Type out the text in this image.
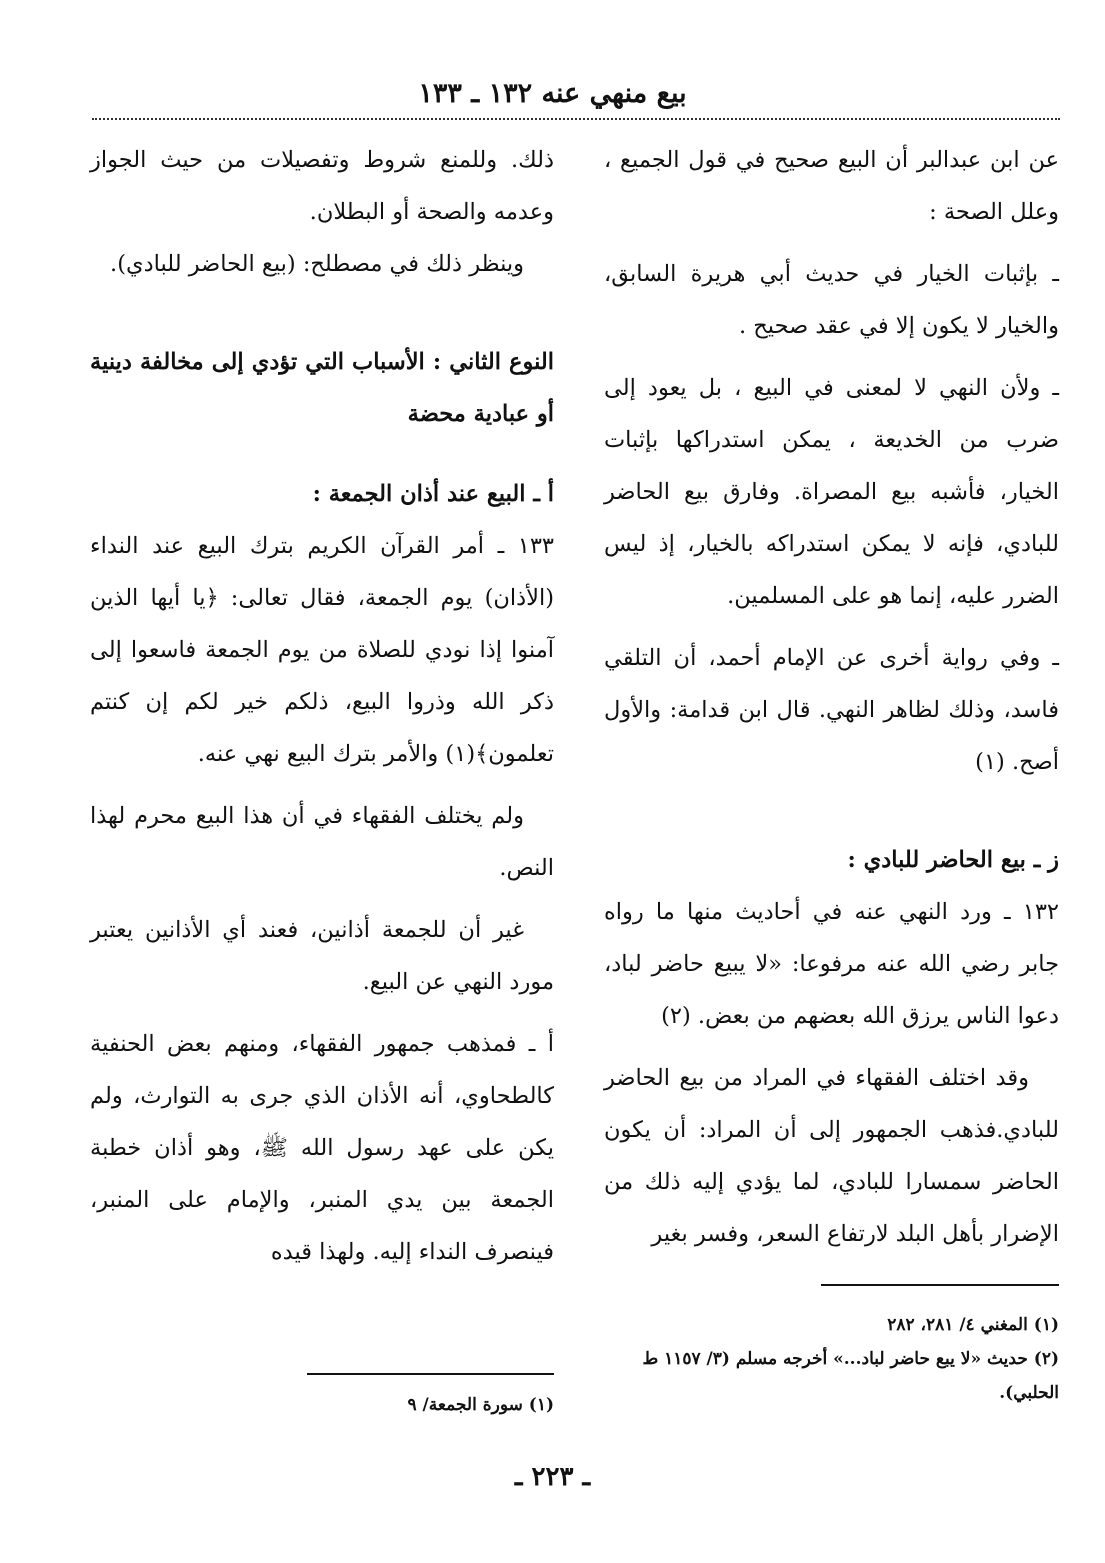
بيع منهي عنه ١٣٢ ـ ١٣٣

عن ابن عبدالبر أن البيع صحيح في قول الجميع ، وعلل الصحة :

ـ بإثبات الخيار في حديث أبي هريرة السابق، والخيار لا يكون إلا في عقد صحيح .

ـ ولأن النهي لا لمعنى في البيع ، بل يعود إلى ضرب من الخديعة ، يمكن استدراكها بإثبات الخيار، فأشبه بيع المصراة. وفارق بيع الحاضر للبادي، فإنه لا يمكن استدراكه بالخيار، إذ ليس الضرر عليه، إنما هو على المسلمين.

ـ وفي رواية أخرى عن الإمام أحمد، أن التلقي فاسد، وذلك لظاهر النهي. قال ابن قدامة: والأول أصح. (١)

ز ـ بيع الحاضر للبادي :

١٣٢ ـ ورد النهي عنه في أحاديث منها ما رواه جابر رضي الله عنه مرفوعا: «لا يبيع حاضر لباد، دعوا الناس يرزق الله بعضهم من بعض. (٢)

وقد اختلف الفقهاء في المراد من بيع الحاضر للبادي.فذهب الجمهور إلى أن المراد: أن يكون الحاضر سمسارا للبادي، لما يؤدي إليه ذلك من الإضرار بأهل البلد لارتفاع السعر، وفسر بغير

ذلك. وللمنع شروط وتفصيلات من حيث الجواز وعدمه والصحة أو البطلان.

وينظر ذلك في مصطلح: (بيع الحاضر للبادي).

النوع الثاني : الأسباب التي تؤدي إلى مخالفة دينية أو عبادية محضة

أ ـ البيع عند أذان الجمعة :

١٣٣ ـ أمر القرآن الكريم بترك البيع عند النداء (الأذان) يوم الجمعة، فقال تعالى: ﴿يا أيها الذين آمنوا إذا نودي للصلاة من يوم الجمعة فاسعوا إلى ذكر الله وذروا البيع، ذلكم خير لكم إن كنتم تعلمون﴾(١) والأمر بترك البيع نهي عنه.

ولم يختلف الفقهاء في أن هذا البيع محرم لهذا النص.

غير أن للجمعة أذانين، فعند أي الأذانين يعتبر مورد النهي عن البيع.

أ ـ فمذهب جمهور الفقهاء، ومنهم بعض الحنفية كالطحاوي، أنه الأذان الذي جرى به التوارث، ولم يكن على عهد رسول الله ﷺ، وهو أذان خطبة الجمعة بين يدي المنبر، والإمام على المنبر، فينصرف النداء إليه. ولهذا قيده

(١) المغني ٤/ ٢٨١، ٢٨٢

(٢) حديث «لا يبع حاضر لباد...» أخرجه مسلم (٣/ ١١٥٧ ط الحلبي).

(١) سورة الجمعة/ ٩

ـ ٢٢٣ ـ
